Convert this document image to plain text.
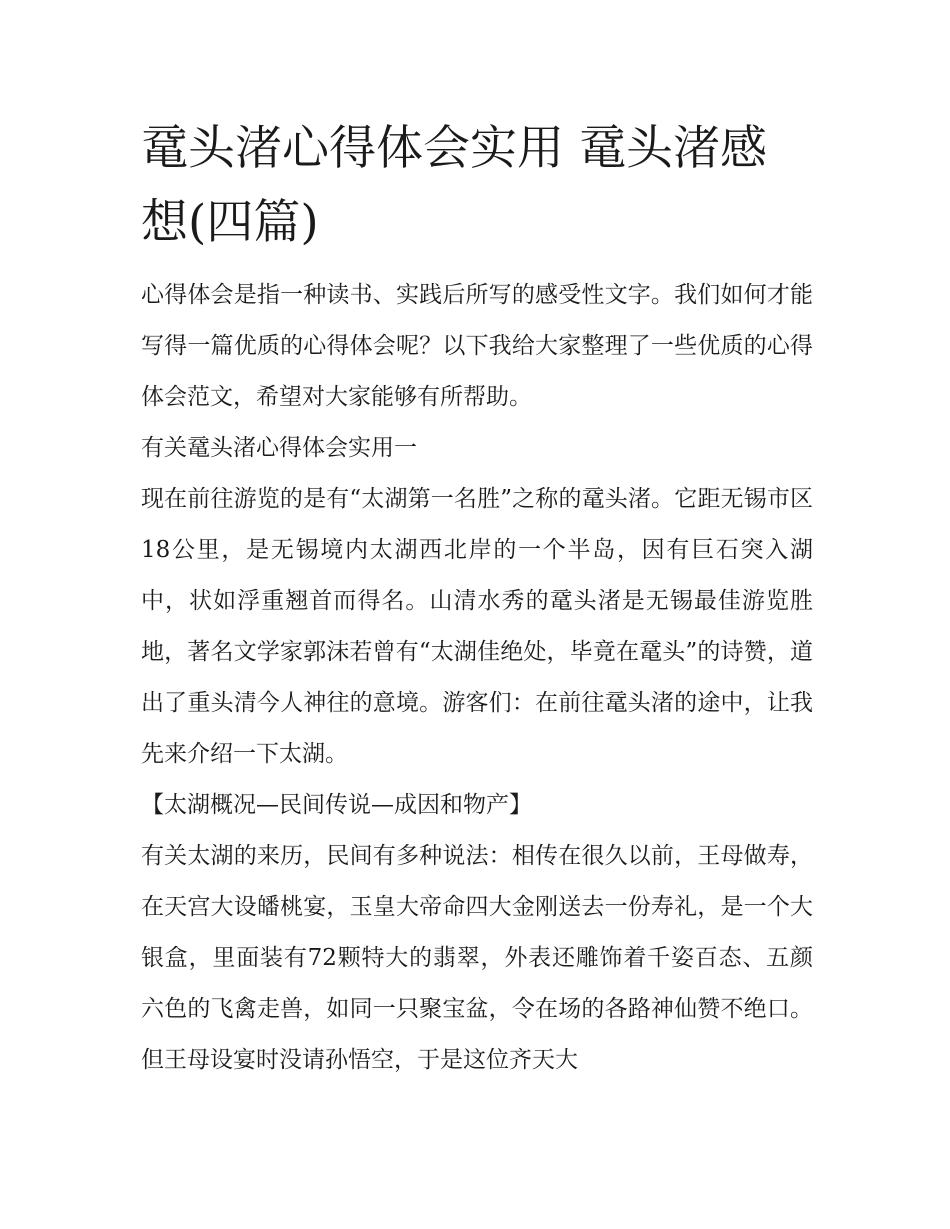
鼋头渚心得体会实用 鼋头渚感想(四篇)

心得体会是指一种读书、实践后所写的感受性文字。我们如何才能写得一篇优质的心得体会呢？以下我给大家整理了一些优质的心得体会范文，希望对大家能够有所帮助。

有关鼋头渚心得体会实用一

现在前往游览的是有“太湖第一名胜”之称的鼋头渚。它距无锡市区18公里，是无锡境内太湖西北岸的一个半岛，因有巨石突入湖中，状如浮重翘首而得名。山清水秀的鼋头渚是无锡最佳游览胜地，著名文学家郭沫若曾有“太湖佳绝处，毕竟在鼋头”的诗赞，道出了重头清今人神往的意境。游客们：在前往鼋头渚的途中，让我先来介绍一下太湖。

【太湖概况—民间传说—成因和物产】

有关太湖的来历，民间有多种说法：相传在很久以前，王母做寿，在天宫大设皤桃宴，玉皇大帝命四大金刚送去一份寿礼，是一个大银盒，里面装有72颗特大的翡翠，外表还雕饰着千姿百态、五颜六色的飞禽走兽，如同一只聚宝盆，令在场的各路神仙赞不绝口。但王母设宴时没请孙悟空，于是这位齐天大
